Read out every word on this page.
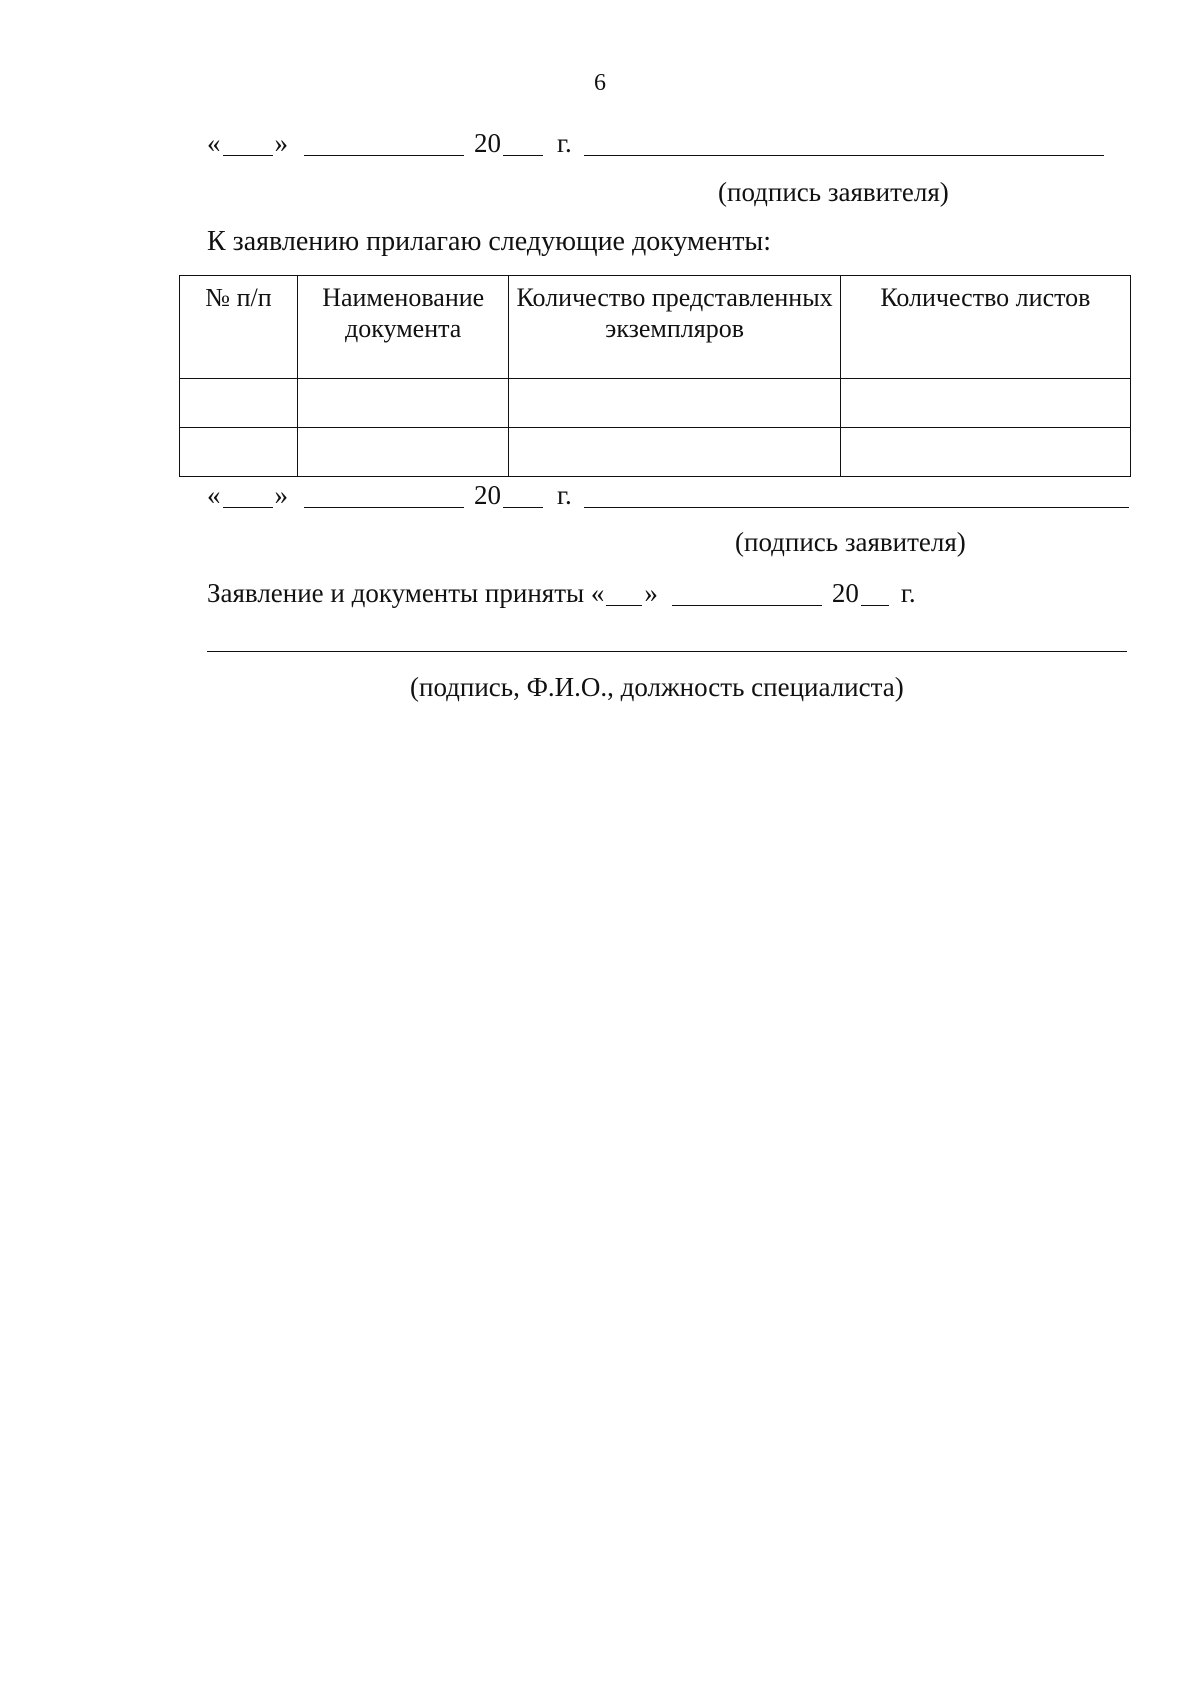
6
« »	20 г.
(подпись заявителя)
К заявлению прилагаю следующие документы:
№ п/п	Наименование документа	Количество представленных экземпляров	Количество листов

« »	20 г.
(подпись заявителя)
Заявление и документы приняты « »	20 г.
(подпись, Ф.И.О., должность специалиста)
